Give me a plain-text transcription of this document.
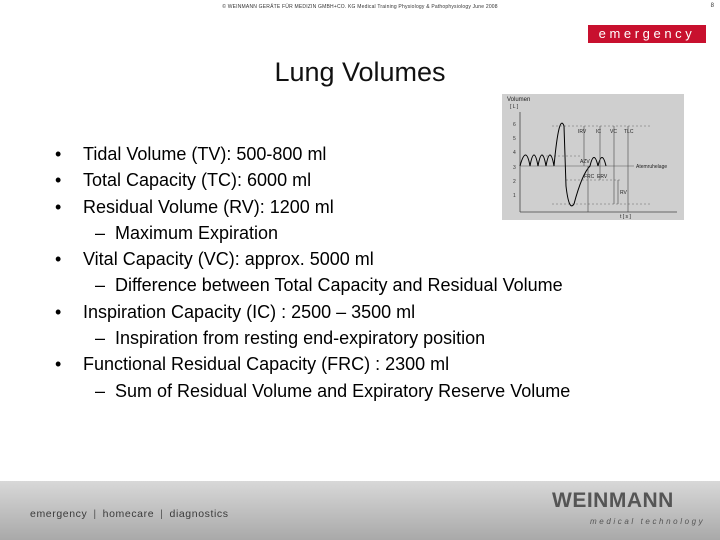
© WEINMANN GERÄTE FÜR MEDIZIN GMBH+CO. KG Medical Training Physiology & Pathophysiology June 2008	8
emergency
Lung Volumes
Volumen
[ L ]
6
5
4
3
2
1
IRV IC VC TLC
AZV
FRC ERV
RV
Atemruhelage
t [ s ]
• Tidal Volume (TV): 500-800 ml
• Total Capacity (TC): 6000 ml
• Residual Volume (RV): 1200 ml
– Maximum Expiration
• Vital Capacity (VC): approx. 5000 ml
– Difference between Total Capacity and Residual Volume
• Inspiration Capacity (IC) : 2500 – 3500 ml
– Inspiration from resting end-expiratory position
• Functional Residual Capacity (FRC) : 2300 ml
– Sum of Residual Volume and Expiratory Reserve Volume
emergency | homecare | diagnostics
WEINMANN
medical technology
